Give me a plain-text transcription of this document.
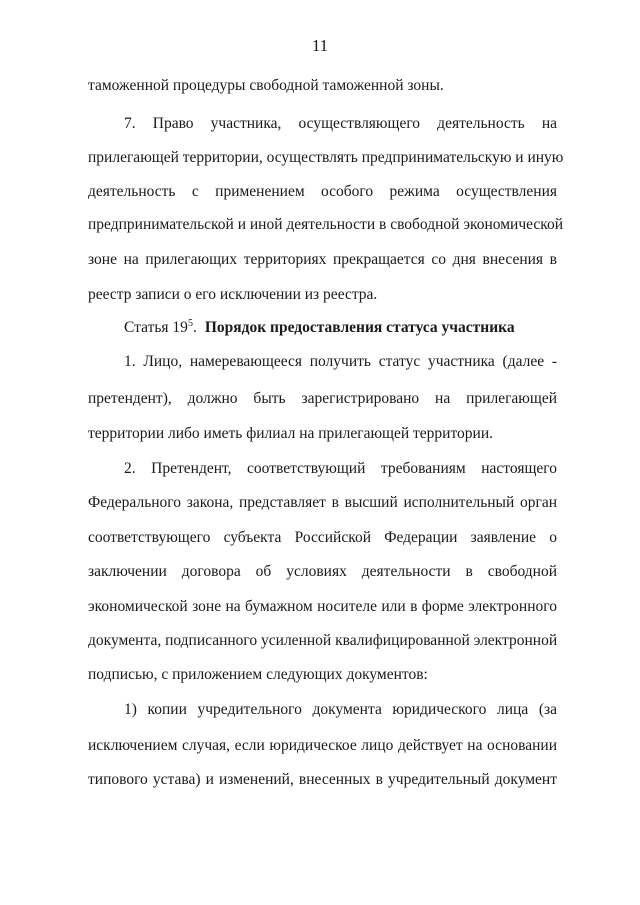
11
таможенной процедуры свободной таможенной зоны.
7. Право участника, осуществляющего деятельность на
прилегающей территории, осуществлять предпринимательскую и иную
деятельность с применением особого режима осуществления
предпринимательской и иной деятельности в свободной экономической
зоне на прилегающих территориях прекращается со дня внесения в
реестр записи о его исключении из реестра.
Статья $19^5$. Порядок предоставления статуса участника
1. Лицо, намеревающееся получить статус участника (далее -
претендент), должно быть зарегистрировано на прилегающей
территории либо иметь филиал на прилегающей территории.
2. Претендент, соответствующий требованиям настоящего
Федерального закона, представляет в высший исполнительный орган
соответствующего субъекта Российской Федерации заявление о
заключении договора об условиях деятельности в свободной
экономической зоне на бумажном носителе или в форме электронного
документа, подписанного усиленной квалифицированной электронной
подписью, с приложением следующих документов:
1) копии учредительного документа юридического лица (за
исключением случая, если юридическое лицо действует на основании
типового устава) и изменений, внесенных в учредительный документ
